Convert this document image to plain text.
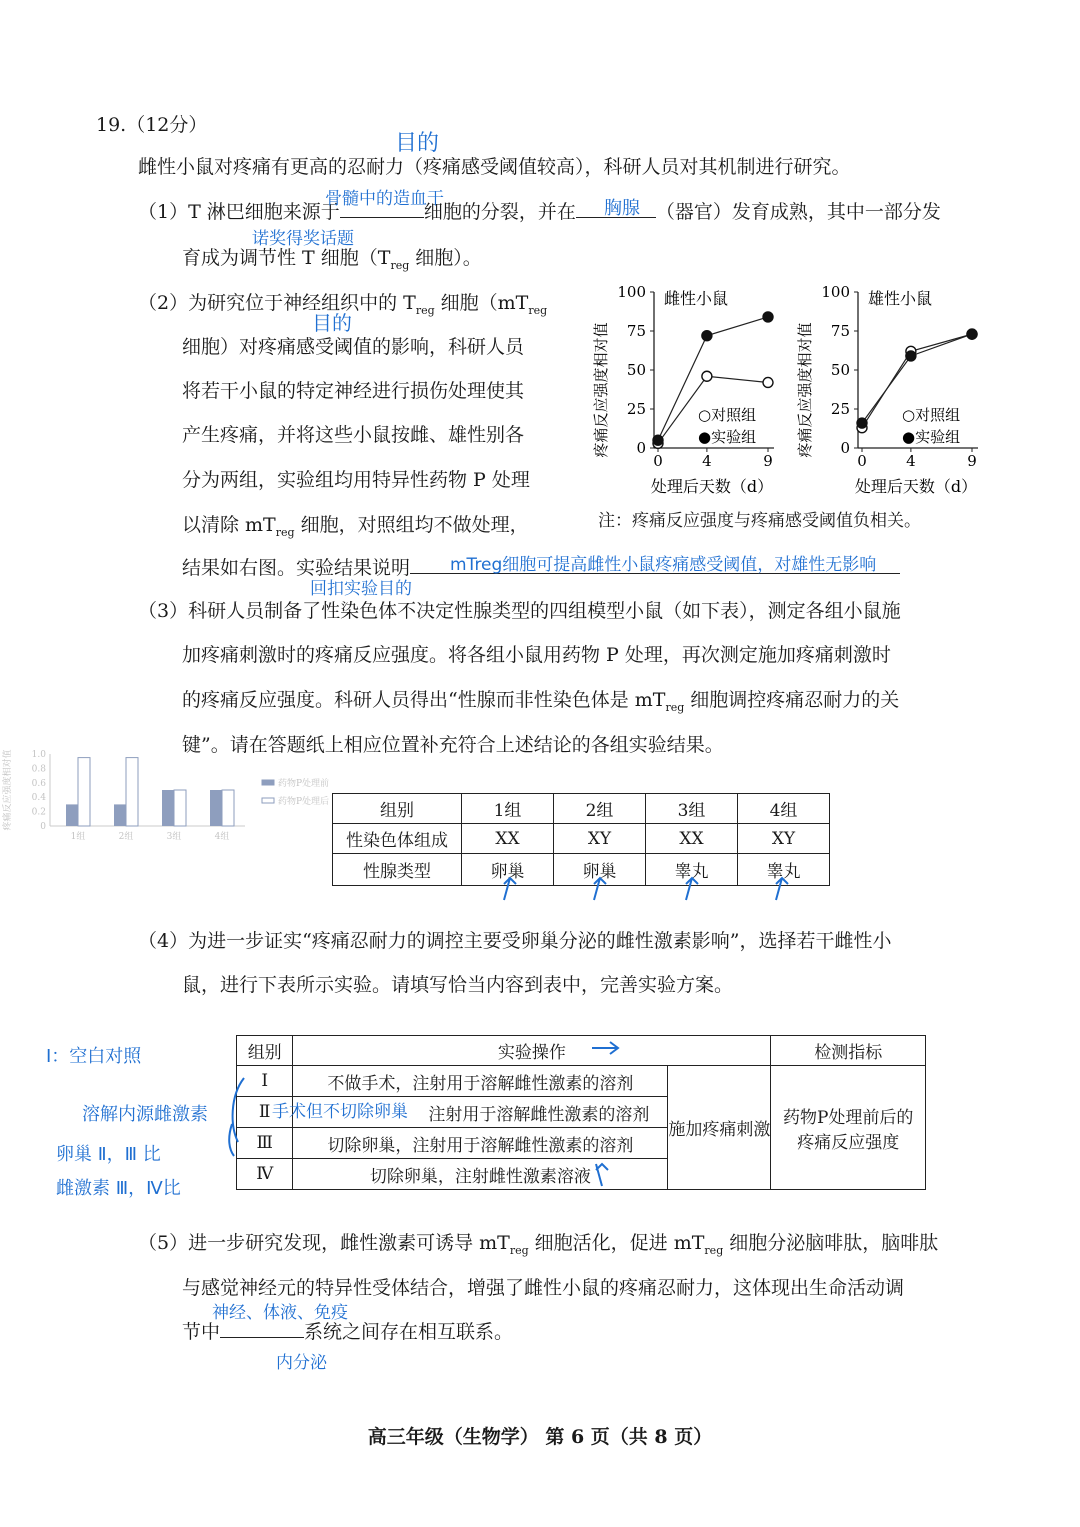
19.（12分）
雌性小鼠对疼痛有更高的忍耐力（疼痛感受阈值较高），科研人员对其机制进行研究。
目的
（1）T 淋巴细胞来源于	细胞的分裂，并在	（器官）发育成熟，其中一部分发
骨髓中的造血干	胸腺
诺奖得奖话题
育成为调节性 T 细胞（$T_{reg}$ 细胞）。
（2）为研究位于神经组织中的 $T_{reg}$ 细胞（$mT_{reg}$
目的
细胞）对疼痛感受阈值的影响，科研人员
将若干小鼠的特定神经进行损伤处理使其
产生疼痛，并将这些小鼠按雌、雄性别各
分为两组，实验组均用特异性药物 P 处理
以清除 $mT_{reg}$ 细胞，对照组均不做处理，
结果如右图。实验结果说明	mTreg细胞可提高雌性小鼠疼痛感受阈值，对雄性无影响
回扣实验目的
0
25
50
75
100
0	4	9
疼痛反应强度相对值
雌性小鼠
处理后天数（d）
○对照组
●实验组
0
25
50
75
100
0	4	9
疼痛反应强度相对值
雄性小鼠
处理后天数（d）
○对照组
●实验组
注：疼痛反应强度与疼痛感受阈值负相关。
（3）科研人员制备了性染色体不决定性腺类型的四组模型小鼠（如下表），测定各组小鼠施
加疼痛刺激时的疼痛反应强度。将各组小鼠用药物 P 处理，再次测定施加疼痛刺激时
的疼痛反应强度。科研人员得出“性腺而非性染色体是 $mT_{reg}$ 细胞调控疼痛忍耐力的关
键”。请在答题纸上相应位置补充符合上述结论的各组实验结果。
1.0
0.8
0.6
0.4
0.2
0
疼痛反应强度相对值
1组	2组	3组	4组
药物P处理前
药物P处理后	组别	1组	2组	3组	4组
性染色体组成	XX	XY	XX	XY
性腺类型	卵巢	卵巢	睾丸	睾丸
（4）为进一步证实“疼痛忍耐力的调控主要受卵巢分泌的雌性激素影响”，选择若干雌性小
鼠，进行下表所示实验。请填写恰当内容到表中，完善实验方案。
Ⅰ：空白对照
溶解内源雌激素
卵巢 Ⅱ，Ⅲ 比
雌激素 Ⅲ，Ⅳ比
组别	实验操作		检测指标
Ⅰ	不做手术，注射用于溶解雌性激素的溶剂	施加疼痛刺激	药物P处理前后的疼痛反应强度
Ⅱ	注射用于溶解雌性激素的溶剂		
Ⅲ	切除卵巢，注射用于溶解雌性激素的溶剂		
Ⅳ	切除卵巢，注射雌性激素溶液		
手术但不切除卵巢
（5）进一步研究发现，雌性激素可诱导 $mT_{reg}$ 细胞活化，促进 $mT_{reg}$ 细胞分泌脑啡肽，脑啡肽
与感觉神经元的特异性受体结合，增强了雌性小鼠的疼痛忍耐力，这体现出生命活动调
节中	系统之间存在相互联系。
神经、体液、免疫
内分泌
高三年级（生物学） 第 6 页（共 8 页）
